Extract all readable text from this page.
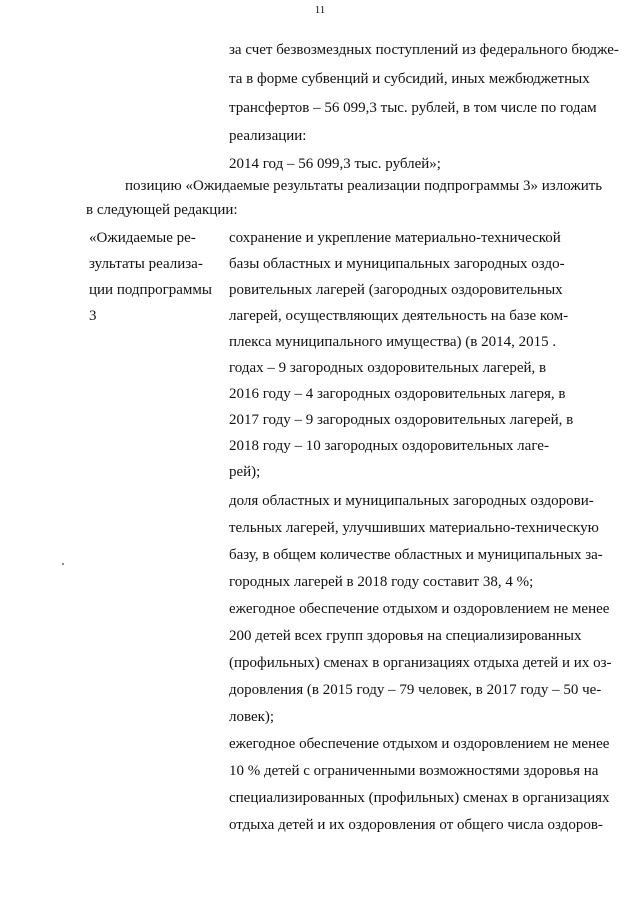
11
за счет безвозмездных поступлений из федерального бюдже-
та в форме субвенций и субсидий, иных межбюджетных
трансфертов – 56 099,3 тыс. рублей, в том числе по годам
реализации:
2014 год – 56 099,3 тыс. рублей»;
позицию «Ожидаемые результаты реализации подпрограммы 3» изложить
в следующей редакции:
«Ожидаемые ре-
зультаты реализа-
ции подпрограммы
3
сохранение и укрепление материально-технической
базы областных и муниципальных загородных оздо-
ровительных лагерей (загородных оздоровительных
лагерей, осуществляющих деятельность на базе ком-
плекса муниципального имущества) (в 2014, 2015 .
годах – 9 загородных оздоровительных лагерей, в
2016 году – 4 загородных оздоровительных лагеря, в
2017 году – 9 загородных оздоровительных лагерей, в
2018 году – 10 загородных оздоровительных лаге-
рей);
доля областных и муниципальных загородных оздорови-
тельных лагерей, улучшивших материально-техническую
базу, в общем количестве областных и муниципальных за-
городных лагерей в 2018 году составит 38, 4 %;
ежегодное обеспечение отдыхом и оздоровлением не менее
200 детей всех групп здоровья на специализированных
(профильных) сменах в организациях отдыха детей и их оз-
доровления (в 2015 году – 79 человек, в 2017 году – 50 че-
ловек);
ежегодное обеспечение отдыхом и оздоровлением не менее
10 % детей с ограниченными возможностями здоровья на
специализированных (профильных) сменах в организациях
отдыха детей и их оздоровления от общего числа оздоров-
